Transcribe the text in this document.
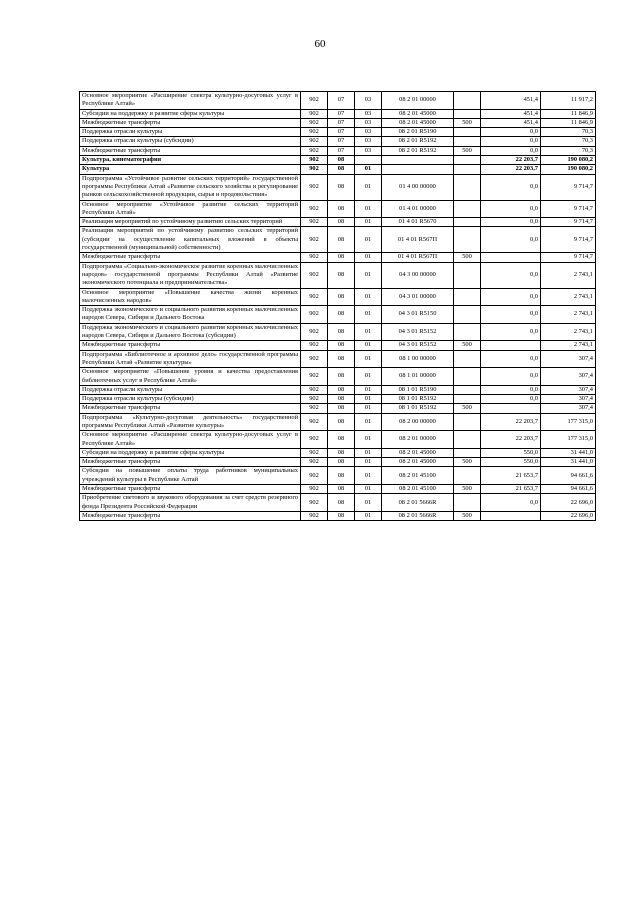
60
Основное мероприятие «Расширение спектра культурно-досуговых услуг в Республике Алтай»	902	07	03	08 2 01 00000		451,4	11 917,2
Субсидии на поддержку и развитие сферы культуры	902	07	03	08 2 01 45000		451,4	11 846,9
Межбюджетные трансферты	902	07	03	08 2 01 45000	500	451,4	11 846,9
Поддержка отрасли культуры	902	07	03	08 2 01 R5190		0,0	70,3
Поддержка отрасли культуры (субсидии)	902	07	03	08 2 01 R5192		0,0	70,3
Межбюджетные трансферты	902	07	03	08 2 01 R5192	500	0,0	70,3
Культура, кинематография	902	08				22 203,7	190 080,2
Культура	902	08	01			22 203,7	190 080,2
Подпрограмма «Устойчивое развитие сельских территорий» государственной программы Республики Алтай «Развитие сельского хозяйства и регулирование рынков сельскохозяйственной продукции, сырья и продовольствия»	902	08	01	01 4 00 00000		0,0	9 714,7
Основное мероприятие «Устойчивое развитие сельских территорий Республики Алтай»	902	08	01	01 4 01 00000		0,0	9 714,7
Реализация мероприятий по устойчивому развитию сельских территорий	902	08	01	01 4 01 R5670		0,0	9 714,7
Реализация мероприятий по устойчивому развитию сельских территорий (субсидии на осуществление капитальных вложений в объекты государственной (муниципальной) собственности)	902	08	01	01 4 01 R567П		0,0	9 714,7
Межбюджетные трансферты	902	08	01	01 4 01 R567П	500		9 714,7
Подпрограмма «Социально-экономическое развитие коренных малочисленных народов» государственной программы Республики Алтай «Развитие экономического потенциала и предпринимательства»	902	08	01	04 3 00 00000		0,0	2 743,1
Основное мероприятие «Повышение качества жизни коренных малочисленных народов»	902	08	01	04 3 01 00000		0,0	2 743,1
Поддержка экономического и социального развития коренных малочисленных народов Севера, Сибири и Дальнего Востока	902	08	01	04 3 01 R5150		0,0	2 743,1
Поддержка экономического и социального развития коренных малочисленных народов Севера, Сибири и Дальнего Востока (субсидии)	902	08	01	04 3 01 R5152		0,0	2 743,1
Межбюджетные трансферты	902	08	01	04 3 01 R5152	500		2 743,1
Подпрограмма «Библиотечное и архивное дело» государственной программы Республики Алтай «Развитие культуры»	902	08	01	08 1 00 00000		0,0	307,4
Основное мероприятие «Повышение уровня и качества предоставления библиотечных услуг в Республике Алтай»	902	08	01	08 1 01 00000		0,0	307,4
Поддержка отрасли культуры	902	08	01	08 1 01 R5190		0,0	307,4
Поддержка отрасли культуры (субсидии)	902	08	01	08 1 01 R5192		0,0	307,4
Межбюджетные трансферты	902	08	01	08 1 01 R5192	500		307,4
Подпрограмма «Культурно-досуговая деятельность» государственной программы Республики Алтай «Развитие культуры»	902	08	01	08 2 00 00000		22 203,7	177 315,0
Основное мероприятие «Расширение спектра культурно-досуговых услуг в Республике Алтай»	902	08	01	08 2 01 00000		22 203,7	177 315,0
Субсидии на поддержку и развитие сферы культуры	902	08	01	08 2 01 45000		550,0	31 441,0
Межбюджетные трансферты	902	08	01	08 2 01 45000	500	550,0	31 441,0
Субсидии на повышение оплаты труда работников муниципальных учреждений культуры в Республике Алтай	902	08	01	08 2 01 45100		21 653,7	94 661,6
Межбюджетные трансферты	902	08	01	08 2 01 45100	500	21 653,7	94 661,6
Приобретение светового и звукового оборудования за счет средств резервного фонда Президента Российской Федерации	902	08	01	08 2 01 5666R		0,0	22 696,0
Межбюджетные трансферты	902	08	01	08 2 01 5666R	500		22 696,0
